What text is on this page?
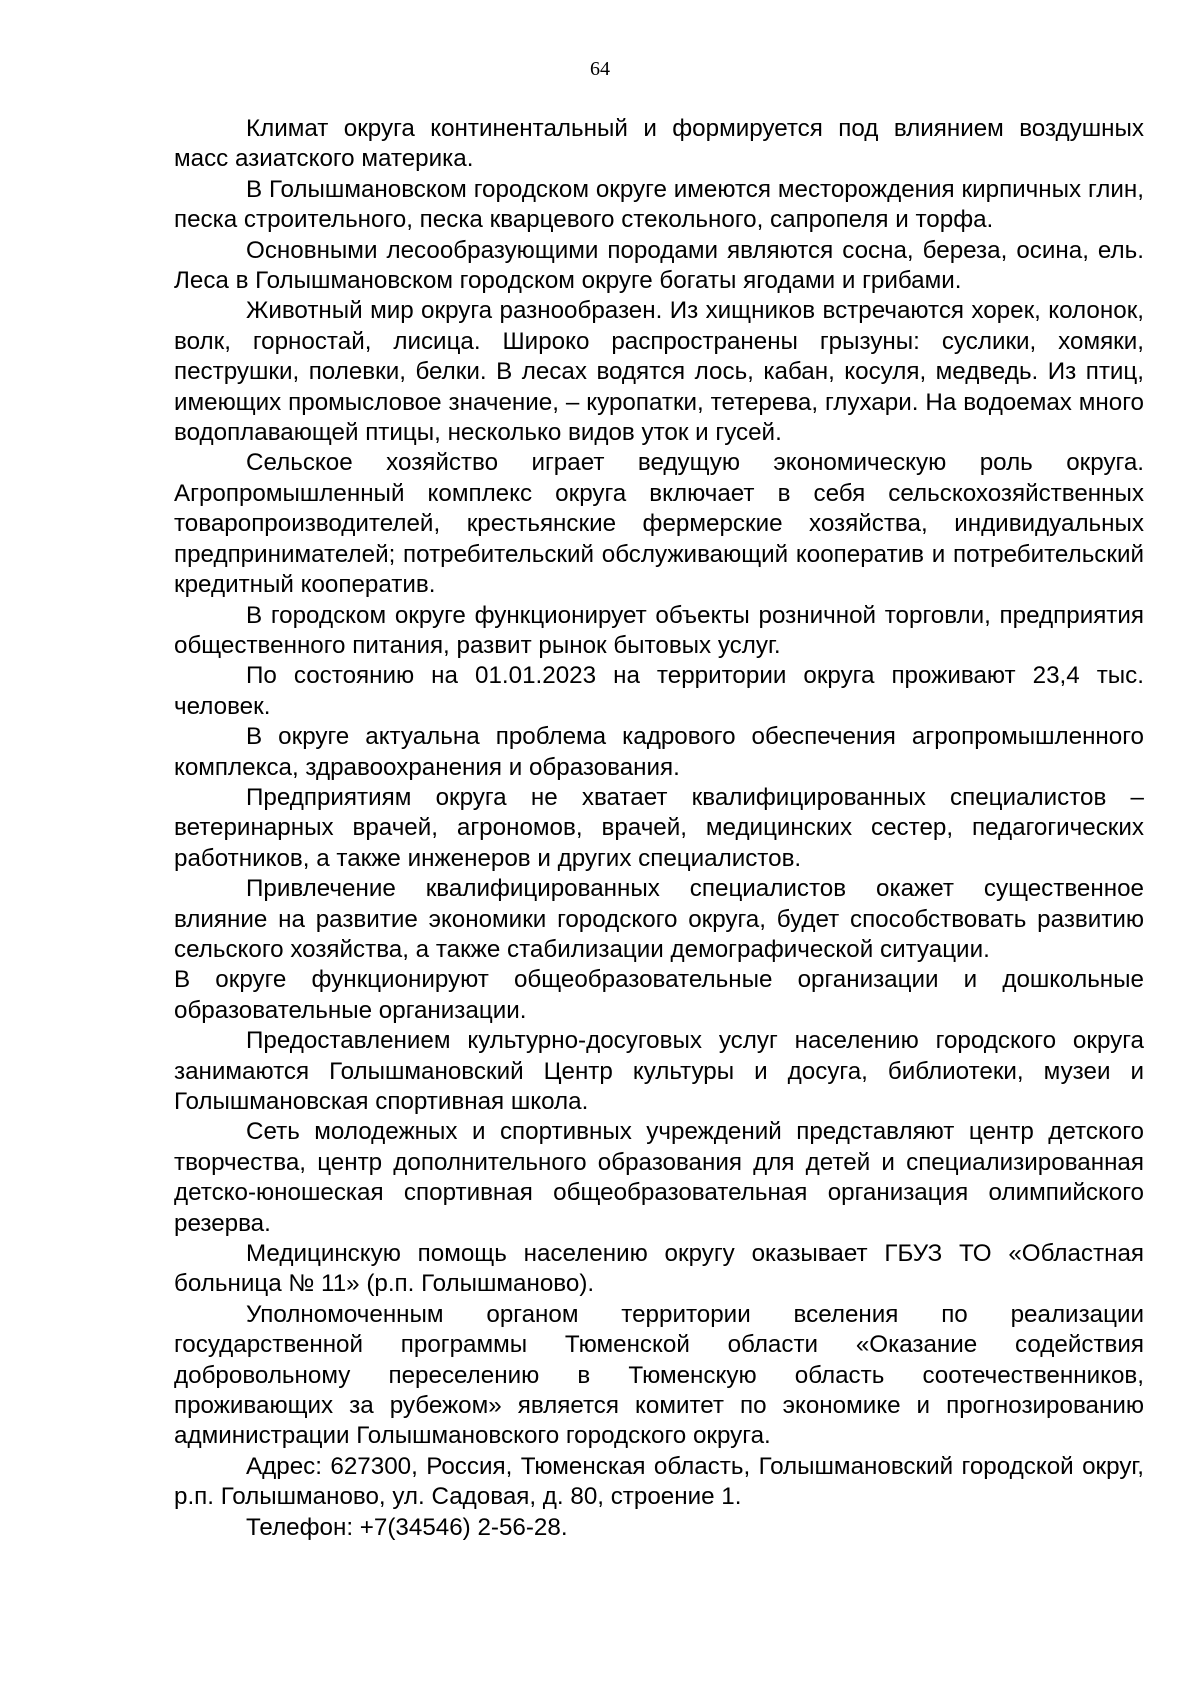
64

Климат округа континентальный и формируется под влиянием воздушных масс азиатского материка.

В Голышмановском городском округе имеются месторождения кирпичных глин, песка строительного, песка кварцевого стекольного, сапропеля и торфа.

Основными лесообразующими породами являются сосна, береза, осина, ель. Леса в Голышмановском городском округе богаты ягодами и грибами.

Животный мир округа разнообразен. Из хищников встречаются хорек, колонок, волк, горностай, лисица. Широко распространены грызуны: суслики, хомяки, пеструшки, полевки, белки. В лесах водятся лось, кабан, косуля, медведь. Из птиц, имеющих промысловое значение, – куропатки, тетерева, глухари. На водоемах много водоплавающей птицы, несколько видов уток и гусей.

Сельское хозяйство играет ведущую экономическую роль округа. Агропромышленный комплекс округа включает в себя сельскохозяйственных товаропроизводителей, крестьянские фермерские хозяйства, индивидуальных предпринимателей; потребительский обслуживающий кооператив и потребительский кредитный кооператив.

В городском округе функционирует объекты розничной торговли, предприятия общественного питания, развит рынок бытовых услуг.

По состоянию на 01.01.2023 на территории округа проживают 23,4 тыс. человек.

В округе актуальна проблема кадрового обеспечения агропромышленного комплекса, здравоохранения и образования.

Предприятиям округа не хватает квалифицированных специалистов – ветеринарных врачей, агрономов, врачей, медицинских сестер, педагогических работников, а также инженеров и других специалистов.

Привлечение квалифицированных специалистов окажет существенное влияние на развитие экономики городского округа, будет способствовать развитию сельского хозяйства, а также стабилизации демографической ситуации.

В округе функционируют общеобразовательные организации и дошкольные образовательные организации.

Предоставлением культурно-досуговых услуг населению городского округа занимаются Голышмановский Центр культуры и досуга, библиотеки, музеи и Голышмановская спортивная школа.

Сеть молодежных и спортивных учреждений представляют центр детского творчества, центр дополнительного образования для детей и специализированная детско-юношеская спортивная общеобразовательная организация олимпийского резерва.

Медицинскую помощь населению округу оказывает ГБУЗ ТО «Областная больница № 11» (р.п. Голышманово).

Уполномоченным органом территории вселения по реализации государственной программы Тюменской области «Оказание содействия добровольному переселению в Тюменскую область соотечественников, проживающих за рубежом» является комитет по экономике и прогнозированию администрации Голышмановского городского округа.

Адрес: 627300, Россия, Тюменская область, Голышмановский городской округ, р.п. Голышманово, ул. Садовая, д. 80, строение 1.

Телефон: +7(34546) 2-56-28.
